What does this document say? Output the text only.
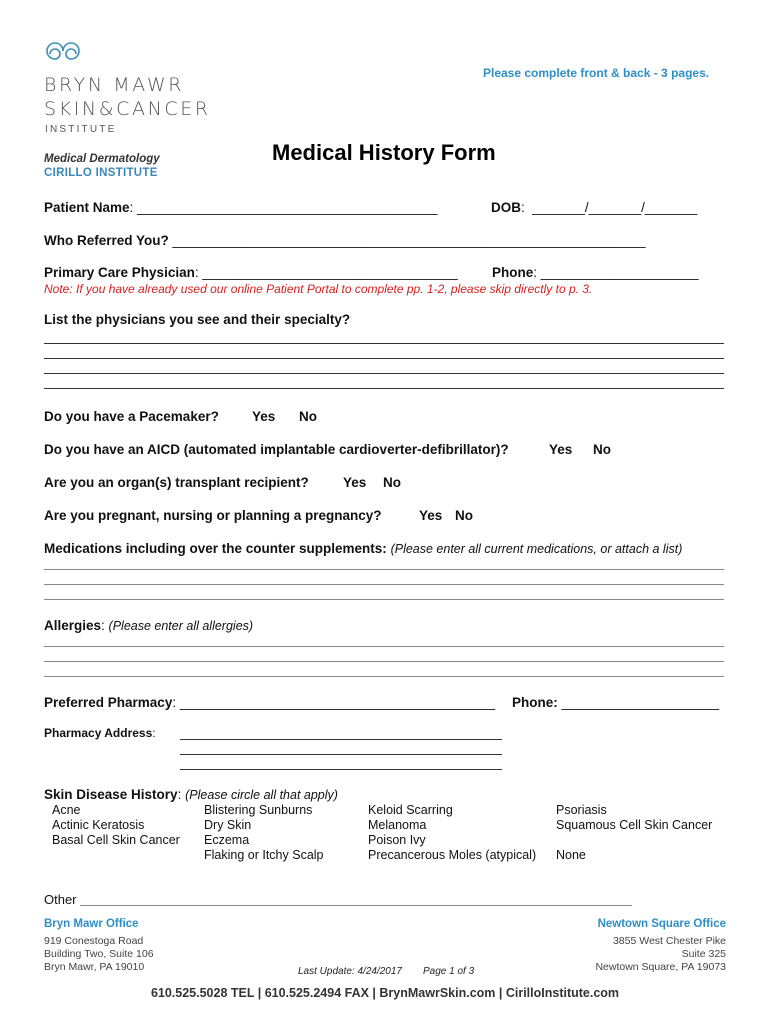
BRYN MAWR
SKIN&CANCER
INSTITUTE
Medical Dermatology
CIRILLO INSTITUTE
Please complete front & back - 3 pages.
Medical History Form
Patient Name: ________________________________________	DOB:  _______/_______/_______
Who Referred You? _______________________________________________________________
Primary Care Physician: __________________________________	Phone: _____________________
Note: If you have already used our online Patient Portal to complete pp. 1-2, please skip directly to p. 3.
List the physicians you see and their specialty?
Do you have a Pacemaker? Yes No
Do you have an AICD (automated implantable cardioverter-defibrillator)?	Yes No
Are you an organ(s) transplant recipient?	Yes No
Are you pregnant, nursing or planning a pregnancy?	Yes No
Medications including over the counter supplements: (Please enter all current medications, or attach a list)
Allergies: (Please enter all allergies)
Preferred Pharmacy: __________________________________________ Phone: _____________________
Pharmacy Address:
Skin Disease History: (Please circle all that apply)
Acne
Actinic Keratosis
Basal Cell Skin Cancer
Blistering Sunburns
Dry Skin
Eczema
Flaking or Itchy Scalp
Keloid Scarring
Melanoma
Poison Ivy
Precancerous Moles (atypical)
Psoriasis
Squamous Cell Skin Cancer
None
Other
Bryn Mawr Office
919 Conestoga Road
Building Two, Suite 106
Bryn Mawr, PA 19010
Newtown Square Office
3855 West Chester Pike
Suite 325
Newtown Square, PA 19073
Last Update: 4/24/2017 Page 1 of 3
610.525.5028 TEL | 610.525.2494 FAX | BrynMawrSkin.com | CirilloInstitute.com
